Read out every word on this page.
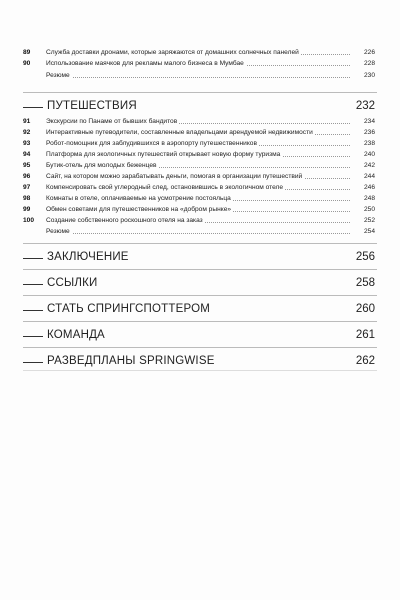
89	Служба доставки дронами, которые заряжаются от домашних солнечных панелей	226
90	Использование маячков для рекламы малого бизнеса в Мумбае	228
Резюме	230
ПУТЕШЕСТВИЯ	232
91	Экскурсии по Панаме от бывших бандитов	234
92	Интерактивные путеводители, составленные владельцами арендуемой недвижимости	236
93	Робот-помощник для заблудившихся в аэропорту путешественников	238
94	Платформа для экологичных путешествий открывает новую форму туризма	240
95	Бутик-отель для молодых беженцев	242
96	Сайт, на котором можно зарабатывать деньги, помогая в организации путешествий	244
97	Компенсировать свой углеродный след, остановившись в экологичном отеле	246
98	Комнаты в отеле, оплачиваемые на усмотрение постояльца	248
99	Обмен советами для путешественников на «добром рынке»	250
100	Создание собственного роскошного отеля на заказ	252
Резюме	254
ЗАКЛЮЧЕНИЕ	256
ССЫЛКИ	258
СТАТЬ СПРИНГСПОТТЕРОМ	260
КОМАНДА	261
РАЗВЕДПЛАНЫ SPRINGWISE	262
